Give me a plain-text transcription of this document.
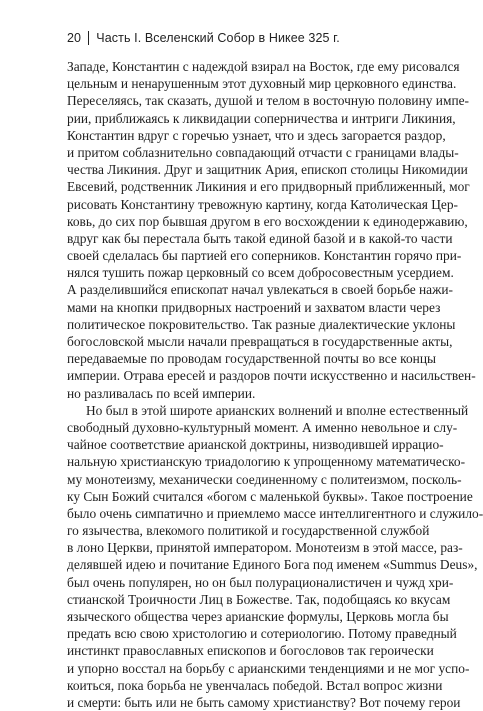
20 Часть I. Вселенский Собор в Никее 325 г.
Западе, Константин с надеждой взирал на Восток, где ему рисовался
цельным и ненарушенным этот духовный мир церковного единства.
Переселяясь, так сказать, душой и телом в восточную половину импе-
рии, приближаясь к ликвидации соперничества и интриги Ликиния,
Константин вдруг с горечью узнает, что и здесь загорается раздор,
и притом соблазнительно совпадающий отчасти с границами влады-
чества Ликиния. Друг и защитник Ария, епископ столицы Никомидии
Евсевий, родственник Ликиния и его придворный приближенный, мог
рисовать Константину тревожную картину, когда Католическая Цер-
ковь, до сих пор бывшая другом в его восхождении к единодержавию,
вдруг как бы перестала быть такой единой базой и в какой-то части
своей сделалась бы партией его соперников. Константин горячо при-
нялся тушить пожар церковный со всем добросовестным усердием.
А разделившийся епископат начал увлекаться в своей борьбе нажи-
мами на кнопки придворных настроений и захватом власти через
политическое покровительство. Так разные диалектические уклоны
богословской мысли начали превращаться в государственные акты,
передаваемые по проводам государственной почты во все концы
империи. Отрава ересей и раздоров почти искусственно и насильствен-
но разливалась по всей империи.
Но был в этой широте арианских волнений и вполне естественный
свободный духовно-культурный момент. А именно невольное и слу-
чайное соответствие арианской доктрины, низводившей иррацио-
нальную христианскую триадологию к упрощенному математическо-
му монотеизму, механически соединенному с политеизмом, посколь-
ку Сын Божий считался «богом с маленькой буквы». Такое построение
было очень симпатично и приемлемо массе интеллигентного и служило-
го язычества, влекомого политикой и государственной службой
в лоно Церкви, принятой императором. Монотеизм в этой массе, раз-
делявшей идею и почитание Единого Бога под именем «Summus Deus»,
был очень популярен, но он был полурационалистичен и чужд хри-
стианской Троичности Лиц в Божестве. Так, подобщаясь ко вкусам
языческого общества через арианские формулы, Церковь могла бы
предать всю свою христологию и сотериологию. Потому праведный
инстинкт православных епископов и богословов так героически
и упорно восстал на борьбу с арианскими тенденциями и не мог успо-
коиться, пока борьба не увенчалась победой. Встал вопрос жизни
и смерти: быть или не быть самому христианству? Вот почему герои
